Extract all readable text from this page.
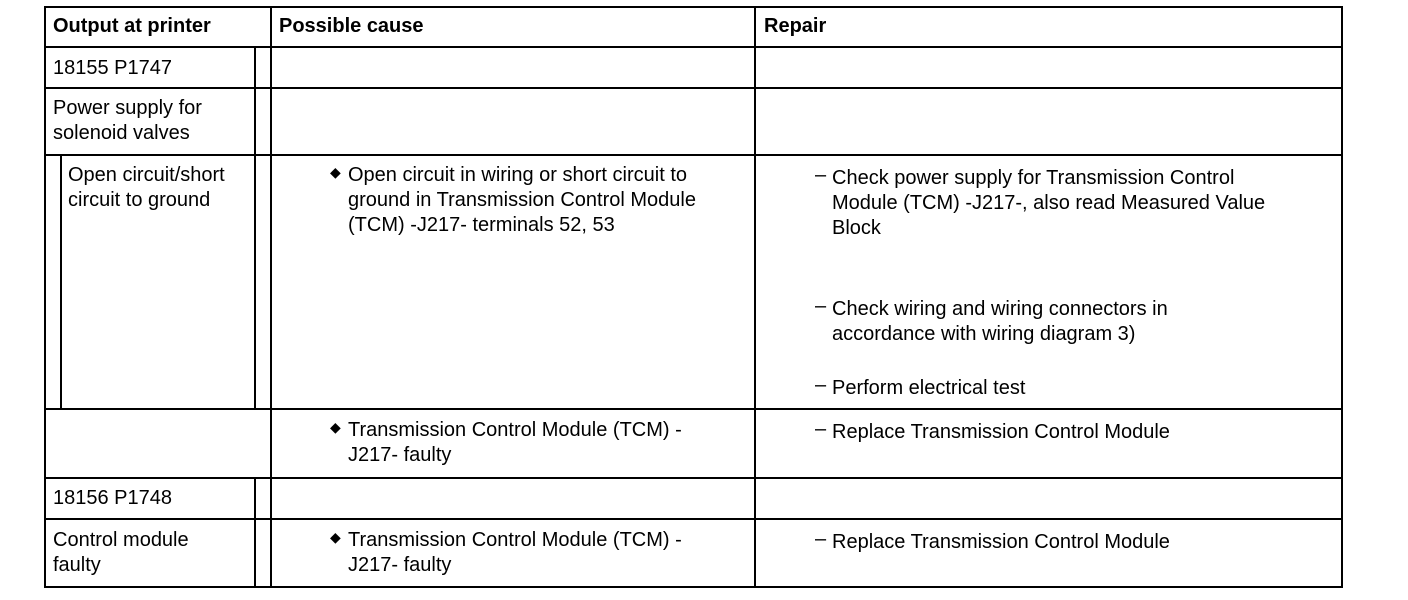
Output at printer	Possible cause	Repair
18155 P1747
Power supply for
solenoid valves
Open circuit/short
circuit to ground
◆ Open circuit in wiring or short circuit to
ground in Transmission Control Module
(TCM) -J217- terminals 52, 53
– Check power supply for Transmission Control
Module (TCM) -J217-, also read Measured Value
Block
– Check wiring and wiring connectors in
accordance with wiring diagram 3)
– Perform electrical test
◆ Transmission Control Module (TCM) -
J217- faulty
– Replace Transmission Control Module
18156 P1748
Control module
faulty
◆ Transmission Control Module (TCM) -
J217- faulty
– Replace Transmission Control Module
